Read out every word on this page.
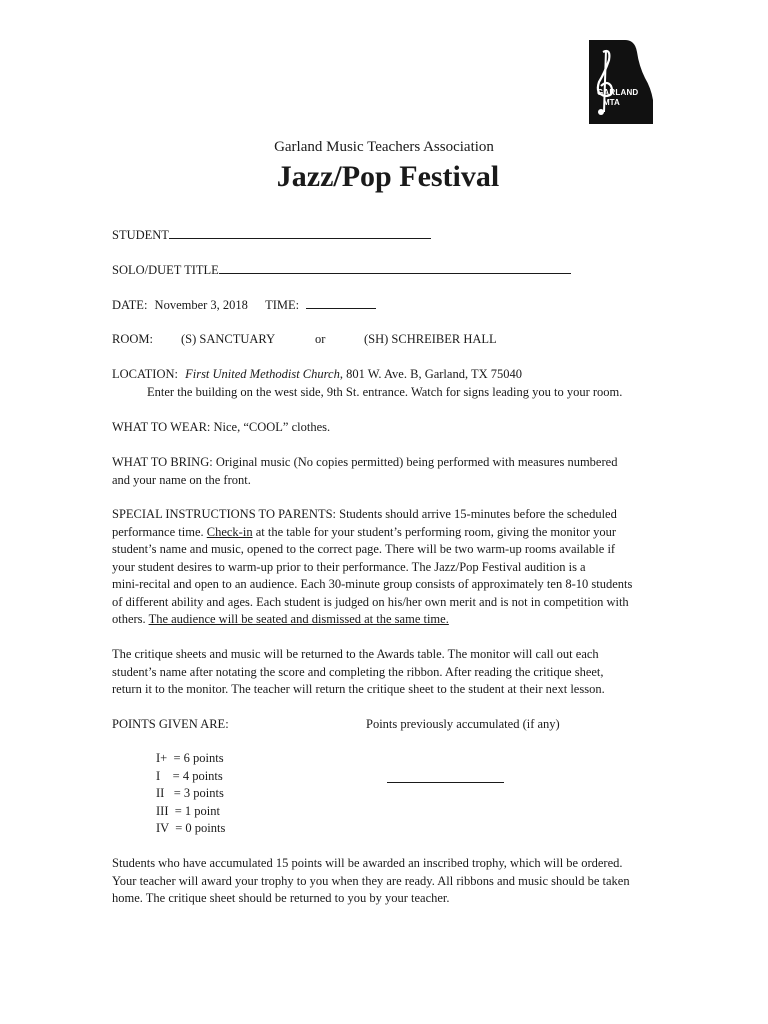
GARLAND
MTA
Garland Music Teachers Association
Jazz/Pop Festival
STUDENT
SOLO/DUET TITLE
DATE: November 3, 2018 TIME:
ROOM: (S) SANCTUARY	or	(SH) SCHREIBER HALL
LOCATION: First United Methodist Church, 801 W. Ave. B, Garland, TX 75040
Enter the building on the west side, 9th St. entrance. Watch for signs leading you to your room.
WHAT TO WEAR: Nice, “COOL” clothes.
WHAT TO BRING: Original music (No copies permitted) being performed with measures numbered
and your name on the front.
SPECIAL INSTRUCTIONS TO PARENTS: Students should arrive 15-minutes before the scheduled
performance time. Check-in at the table for your student’s performing room, giving the monitor your
student’s name and music, opened to the correct page. There will be two warm-up rooms available if
your student desires to warm-up prior to their performance. The Jazz/Pop Festival audition is a
mini-recital and open to an audience. Each 30-minute group consists of approximately ten 8-10 students
of different ability and ages. Each student is judged on his/her own merit and is not in competition with
others. The audience will be seated and dismissed at the same time.
The critique sheets and music will be returned to the Awards table. The monitor will call out each
student’s name after notating the score and completing the ribbon. After reading the critique sheet,
return it to the monitor. The teacher will return the critique sheet to the student at their next lesson.
POINTS GIVEN ARE:	Points previously accumulated (if any)
I+  = 6 points
I    = 4 points
II   = 3 points
III  = 1 point
IV  = 0 points
Students who have accumulated 15 points will be awarded an inscribed trophy, which will be ordered.
Your teacher will award your trophy to you when they are ready. All ribbons and music should be taken
home. The critique sheet should be returned to you by your teacher.
